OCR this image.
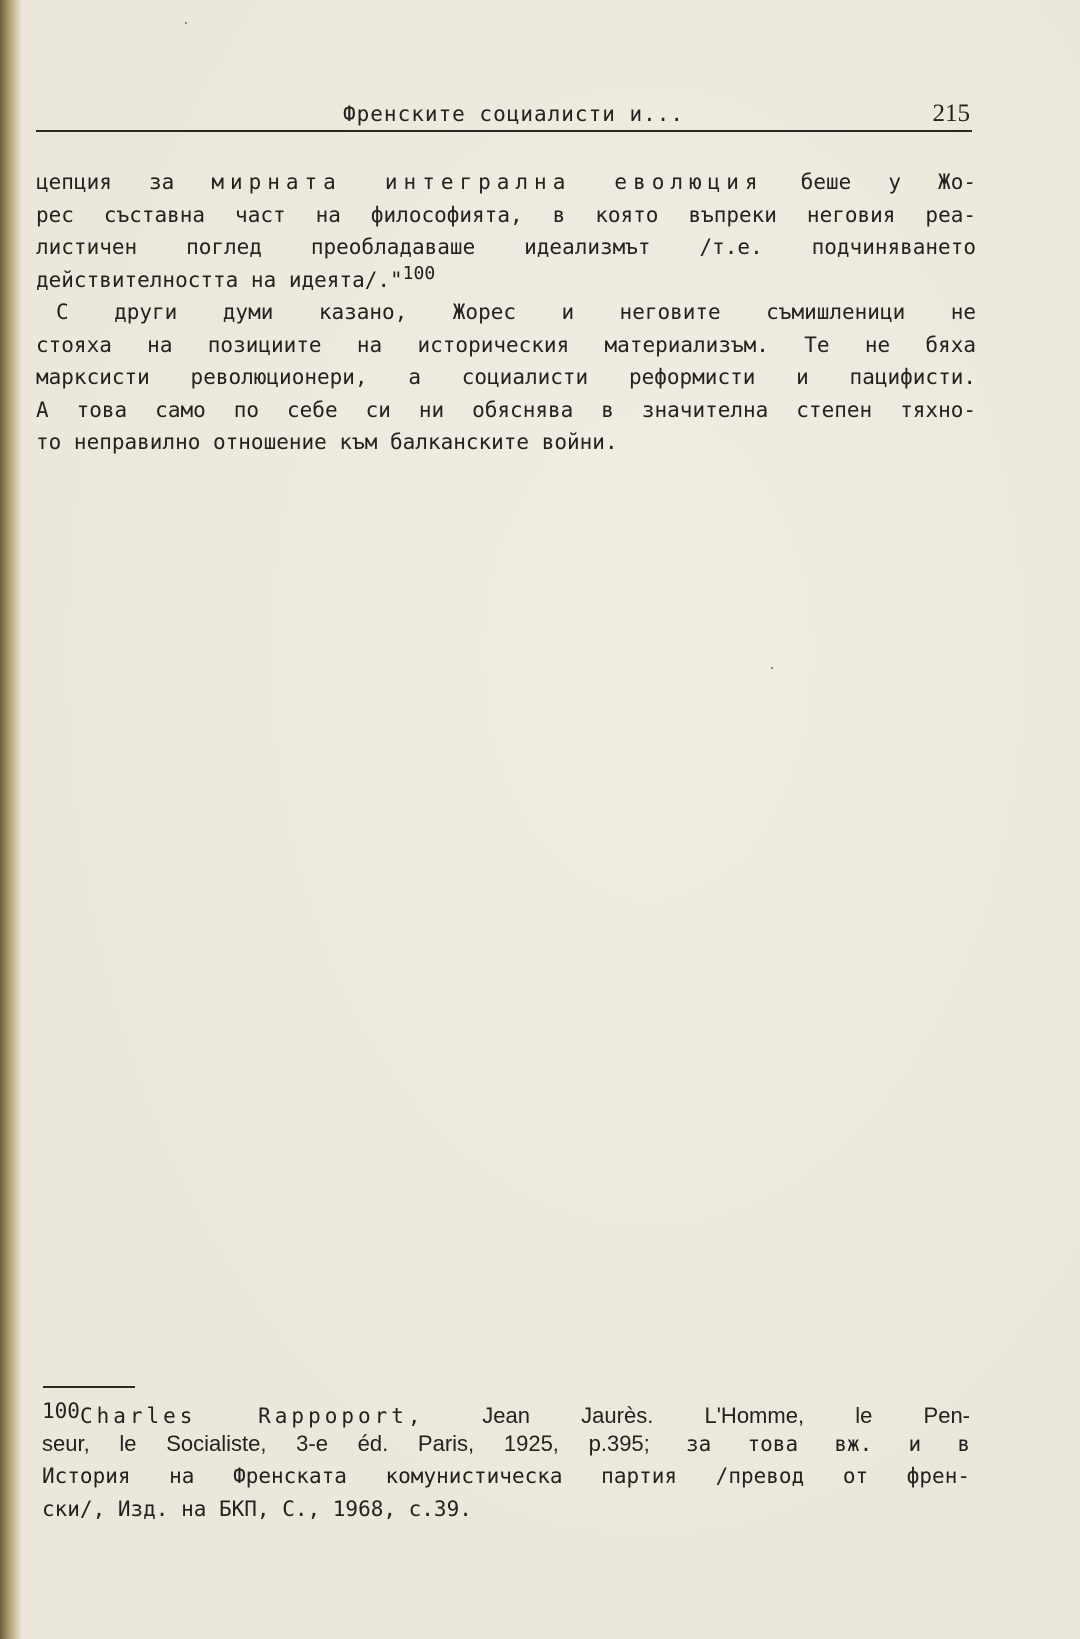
Френските социалисти и...	215
цепция за мирната интегрална еволюция беше у Жо-
рес съставна част на философията, в която въпреки неговия реа-
листичен поглед преобладаваше идеализмът /т.е. подчиняването
действителността на идеята/."$^{100}$
С други думи казано, Жорес и неговите съмишленици не
стояха на позициите на историческия материализъм. Те не бяха
марксисти революционери, а социалисти реформисти и пацифисти.
А това само по себе си ни обяснява в значителна степен тяхно-
то неправилно отношение към балканските войни.
100Charles Rappoport,	Jean Jaurès. L'Homme, le Pen-
seur, le Socialiste, 3-e éd. Paris, 1925, p.395; за това вж. и в
История на Френската комунистическа партия /превод от френ-
ски/, Изд. на БКП, С., 1968, с.39.
